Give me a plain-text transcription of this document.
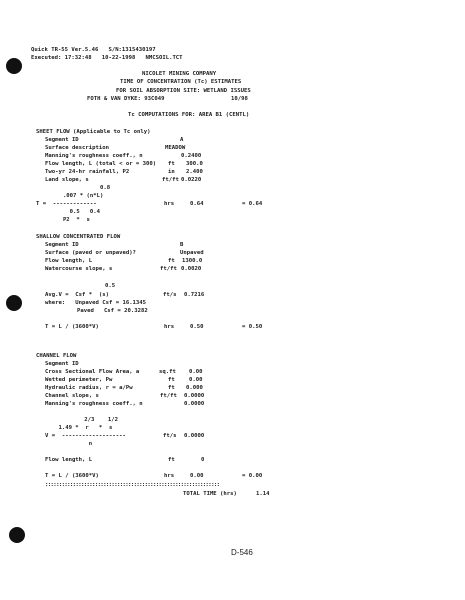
Quick TR-55 Ver.5.46   S/N:1315430197
Executed: 17:32:48   10-22-1998   NMCSOIL.TCT
NICOLET MINING COMPANY
TIME OF CONCENTRATION (Tc) ESTIMATES
FOR SOIL ABSORPTION SITE: WETLAND ISSUES
FOTH & VAN DYKE: 93C049	10/98
Tc COMPUTATIONS FOR: AREA B1 (CENTL)
SHEET FLOW (Applicable to Tc only)
Segment ID	A
Surface description	MEADOW
Manning's roughness coeff., n	0.2400
Flow length, L (total < or = 300) ft 300.0
Two-yr 24-hr rainfall, P2	in 2.400
Land slope, s	ft/ft 0.0220
0.8
.007 * (n*L)
T =  -------------
0.5   0.4
P2  *  s
hrs	0.64	= 0.64
SHALLOW CONCENTRATED FLOW
Segment ID	B
Surface (paved or unpaved)?	Unpaved
Flow length, L	ft 1300.0
Watercourse slope, s	ft/ft 0.0020
0.5
Avg.V =  Csf *  (s)	ft/s 0.7216
where:   Unpaved Csf = 16.1345
Paved   Csf = 20.3282
T = L / (3600*V)	hrs	0.50	= 0.50
CHANNEL FLOW
Segment ID
Cross Sectional Flow Area, a	sq.ft 0.00
Wetted perimeter, Pw	ft	0.00
Hydraulic radius, r = a/Pw	ft 0.000
Channel slope, s	ft/ft 0.0000
Manning's roughness coeff., n	0.0000
2/3    1/2
1.49 *  r   *  s
V =  -------------------
n
ft/s 0.0000
Flow length, L	ft	0
T = L / (3600*V)	hrs	0.00	= 0.00
:::::::::::::::::::::::::::::::::::::::::::::::::::::::::::::::
TOTAL TIME (hrs)	1.14
D-546
